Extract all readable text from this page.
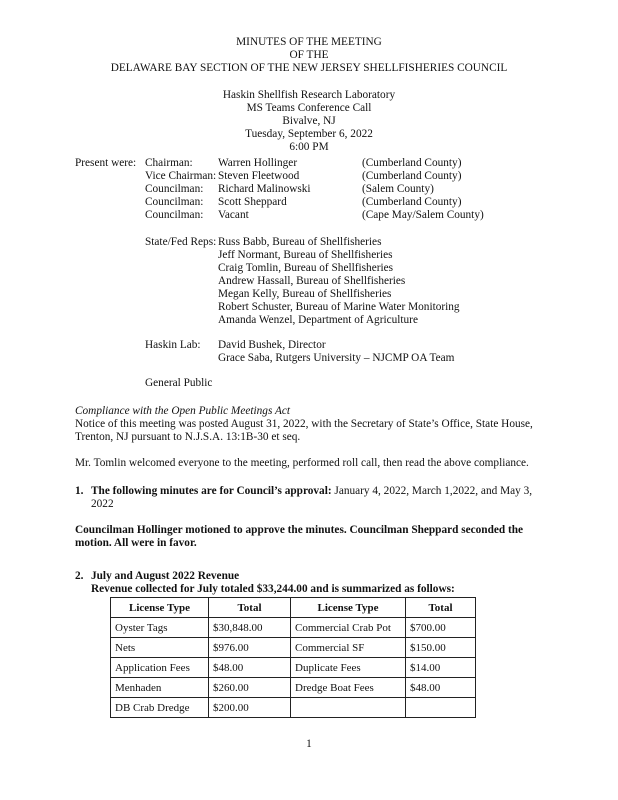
MINUTES OF THE MEETING
OF THE
DELAWARE BAY SECTION OF THE NEW JERSEY SHELLFISHERIES COUNCIL
Haskin Shellfish Research Laboratory
MS Teams Conference Call
Bivalve, NJ
Tuesday, September 6, 2022
6:00 PM
Present were: Chairman: Warren Hollinger	(Cumberland County)
Vice Chairman: Steven Fleetwood	(Cumberland County)
Councilman: Richard Malinowski	(Salem County)
Councilman: Scott Sheppard	(Cumberland County)
Councilman: Vacant	(Cape May/Salem County)
State/Fed Reps: Russ Babb, Bureau of Shellfisheries
Jeff Normant, Bureau of Shellfisheries
Craig Tomlin, Bureau of Shellfisheries
Andrew Hassall, Bureau of Shellfisheries
Megan Kelly, Bureau of Shellfisheries
Robert Schuster, Bureau of Marine Water Monitoring
Amanda Wenzel, Department of Agriculture
Haskin Lab: David Bushek, Director
Grace Saba, Rutgers University – NJCMP OA Team
General Public
Compliance with the Open Public Meetings Act
Notice of this meeting was posted August 31, 2022, with the Secretary of State’s Office, State House,
Trenton, NJ pursuant to N.J.S.A. 13:1B-30 et seq.
Mr. Tomlin welcomed everyone to the meeting, performed roll call, then read the above compliance.
1. The following minutes are for Council’s approval: January 4, 2022, March 1,2022, and May 3,
2022
Councilman Hollinger motioned to approve the minutes. Councilman Sheppard seconded the
motion. All were in favor.
2. July and August 2022 Revenue
Revenue collected for July totaled $33,244.00 and is summarized as follows:
License Type	Total	License Type	Total
Oyster Tags	$30,848.00	Commercial Crab Pot	$700.00
Nets	$976.00	Commercial SF	$150.00
Application Fees	$48.00	Duplicate Fees	$14.00
Menhaden	$260.00	Dredge Boat Fees	$48.00
DB Crab Dredge	$200.00		
1
